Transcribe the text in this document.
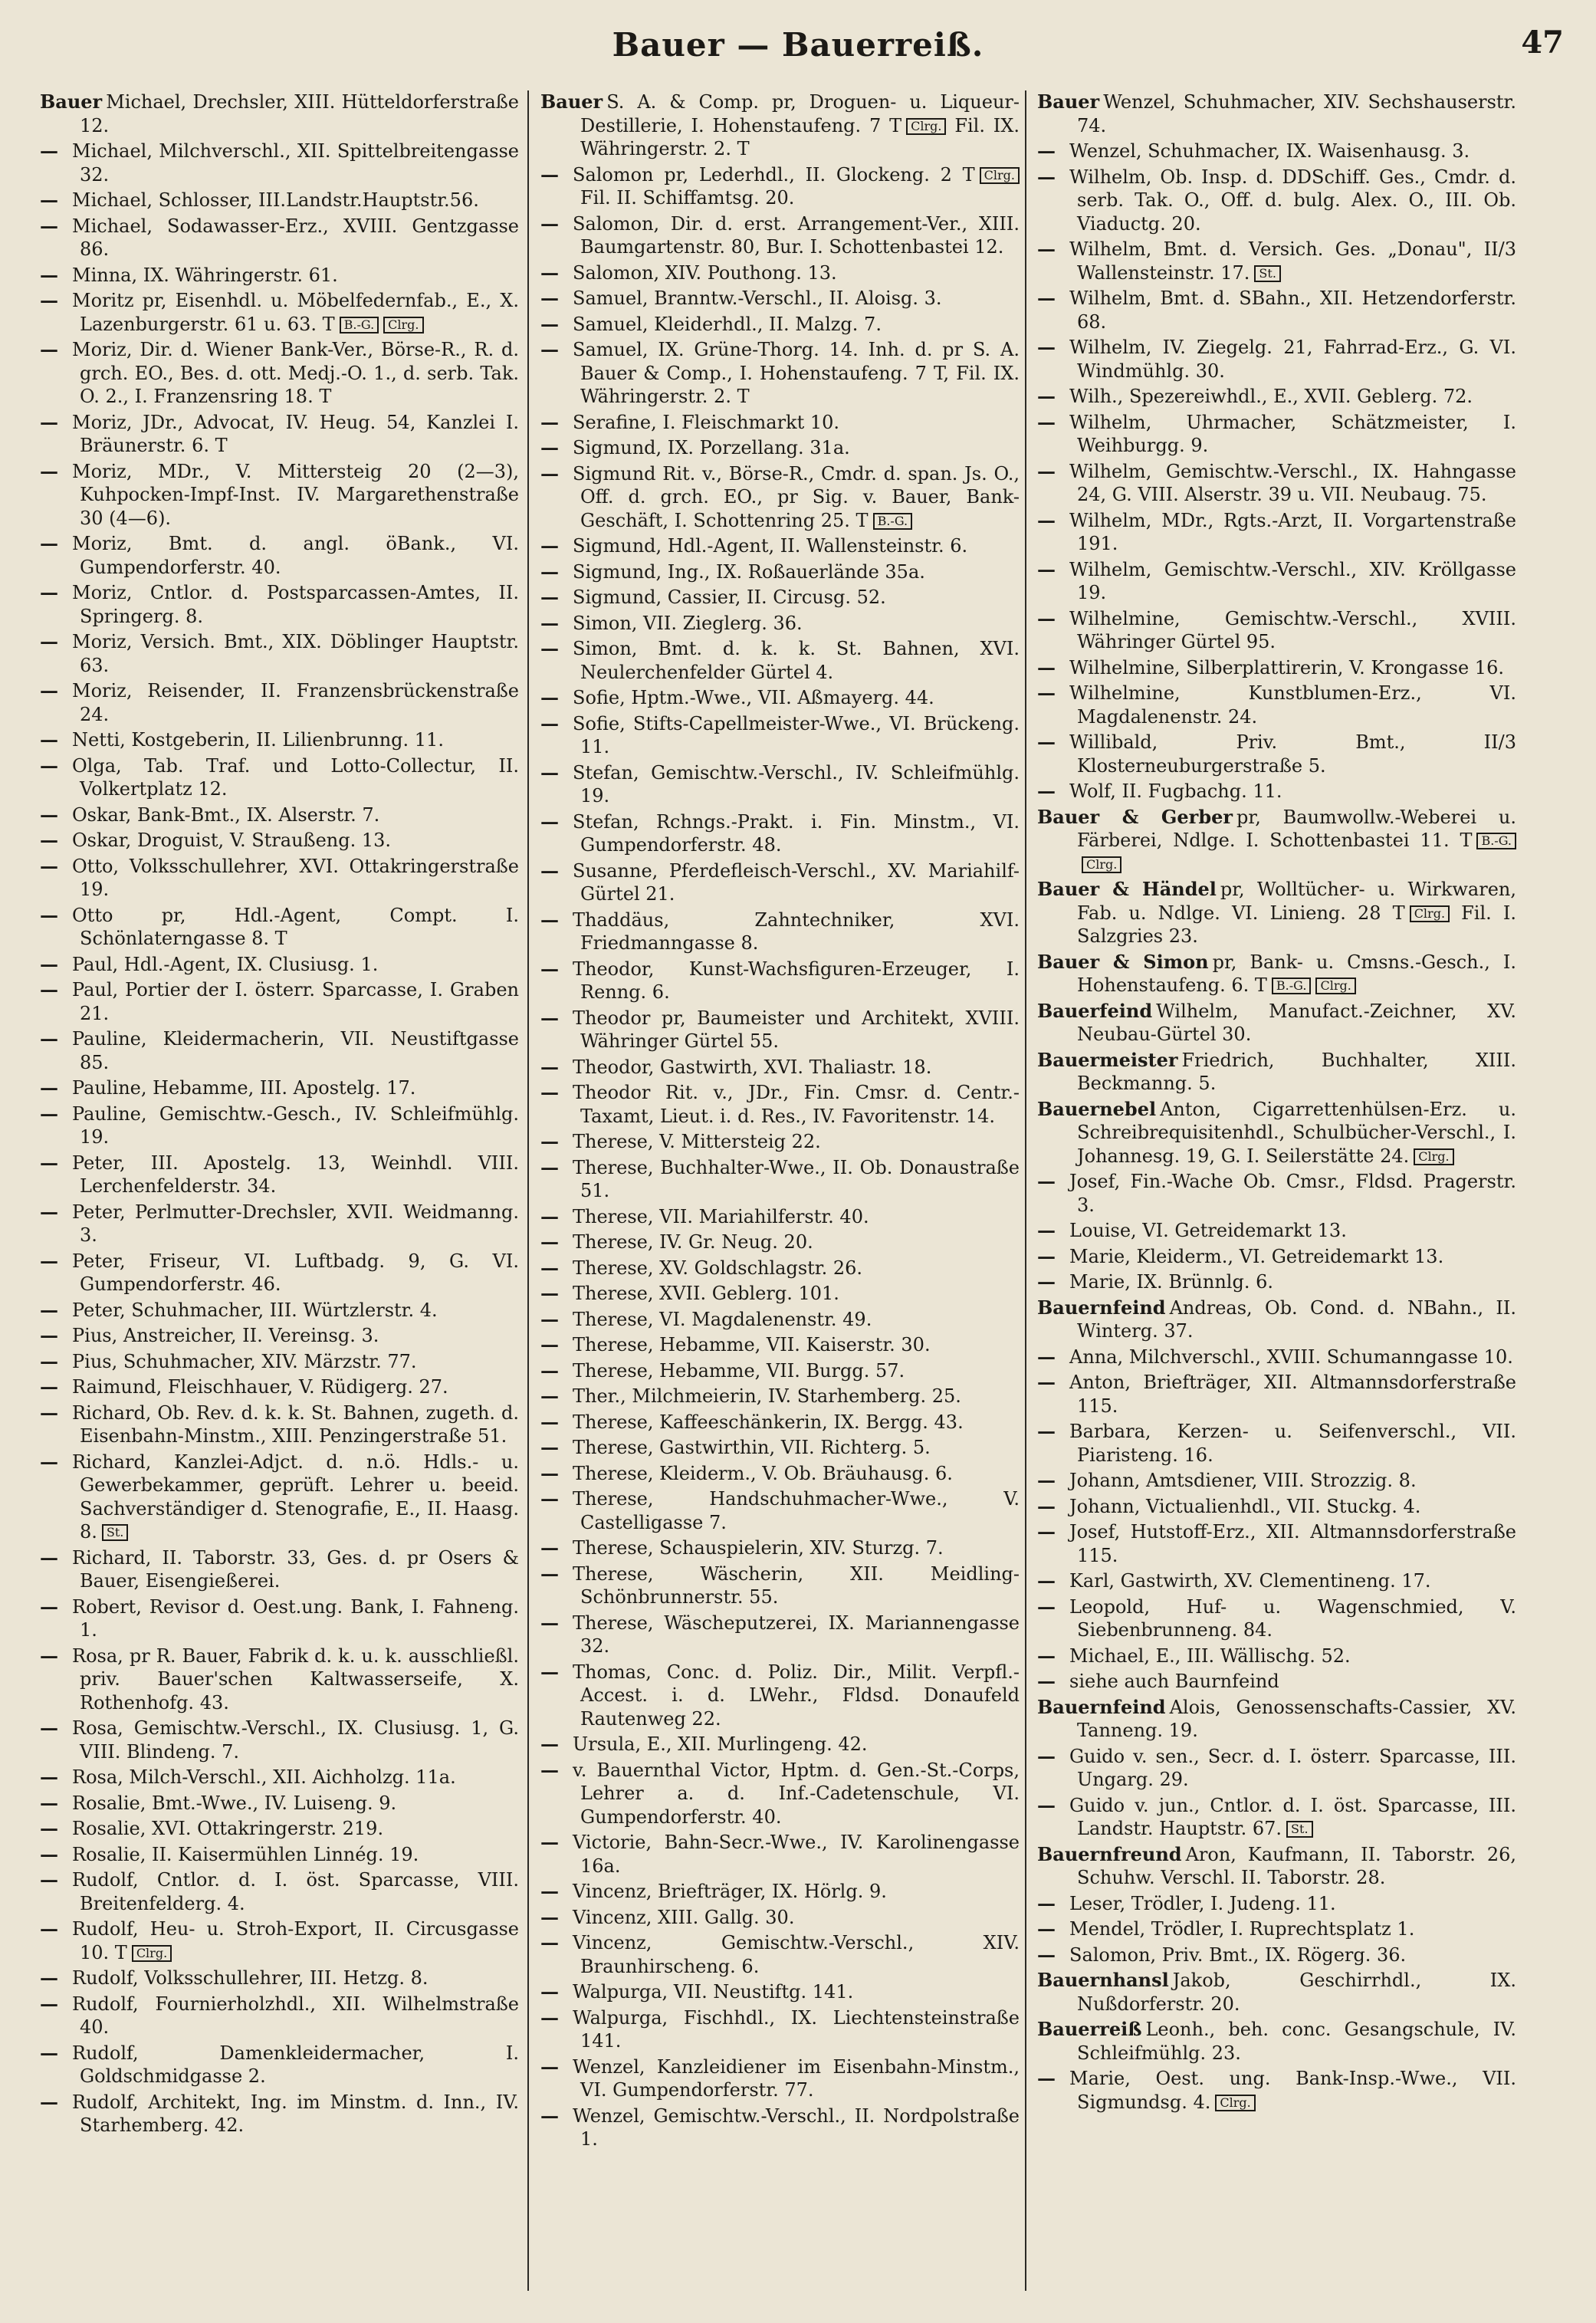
Bauer — Bauerreiß.	47
Bauer Michael, Drechsler, XIII. Hütteldorferstraße 12.
— Michael, Milchverschl., XII. Spittelbreitengasse 32.
— Michael, Schlosser, III.Landstr.Hauptstr.56.
— Michael, Sodawasser-Erz., XVIII. Gentzgasse 86.
— Minna, IX. Währingerstr. 61.
— Moritz pr, Eisenhdl. u. Möbelfedernfab., E., X. Lazenburgerstr. 61 u. 63. T B.-G. Clrg.
— Moriz, Dir. d. Wiener Bank-Ver., Börse-R., R. d. grch. EO., Bes. d. ott. Medj.-O. 1., d. serb. Tak. O. 2., I. Franzensring 18. T
— Moriz, JDr., Advocat, IV. Heug. 54, Kanzlei I. Bräunerstr. 6. T
— Moriz, MDr., V. Mittersteig 20 (2—3), Kuhpocken-Impf-Inst. IV. Margarethenstraße 30 (4—6).
— Moriz, Bmt. d. angl. öBank., VI. Gumpendorferstr. 40.
— Moriz, Cntlor. d. Postsparcassen-Amtes, II. Springerg. 8.
— Moriz, Versich. Bmt., XIX. Döblinger Hauptstr. 63.
— Moriz, Reisender, II. Franzensbrückenstraße 24.
— Netti, Kostgeberin, II. Lilienbrunng. 11.
— Olga, Tab. Traf. und Lotto-Collectur, II. Volkertplatz 12.
— Oskar, Bank-Bmt., IX. Alserstr. 7.
— Oskar, Droguist, V. Straußeng. 13.
— Otto, Volksschullehrer, XVI. Ottakringerstraße 19.
— Otto pr, Hdl.-Agent, Compt. I. Schönlaterngasse 8. T
— Paul, Hdl.-Agent, IX. Clusiusg. 1.
— Paul, Portier der I. österr. Sparcasse, I. Graben 21.
— Pauline, Kleidermacherin, VII. Neustiftgasse 85.
— Pauline, Hebamme, III. Apostelg. 17.
— Pauline, Gemischtw.-Gesch., IV. Schleifmühlg. 19.
— Peter, III. Apostelg. 13, Weinhdl. VIII. Lerchenfelderstr. 34.
— Peter, Perlmutter-Drechsler, XVII. Weidmanng. 3.
— Peter, Friseur, VI. Luftbadg. 9, G. VI. Gumpendorferstr. 46.
— Peter, Schuhmacher, III. Würtzlerstr. 4.
— Pius, Anstreicher, II. Vereinsg. 3.
— Pius, Schuhmacher, XIV. Märzstr. 77.
— Raimund, Fleischhauer, V. Rüdigerg. 27.
— Richard, Ob. Rev. d. k. k. St. Bahnen, zugeth. d. Eisenbahn-Minstm., XIII. Penzingerstraße 51.
— Richard, Kanzlei-Adjct. d. n.ö. Hdls.- u. Gewerbekammer, geprüft. Lehrer u. beeid. Sachverständiger d. Stenografie, E., II. Haasg. 8. St.
— Richard, II. Taborstr. 33, Ges. d. pr Osers & Bauer, Eisengießerei.
— Robert, Revisor d. Oest.ung. Bank, I. Fahneng. 1.
— Rosa, pr R. Bauer, Fabrik d. k. u. k. ausschließl. priv. Bauer'schen Kaltwasserseife, X. Rothenhofg. 43.
— Rosa, Gemischtw.-Verschl., IX. Clusiusg. 1, G. VIII. Blindeng. 7.
— Rosa, Milch-Verschl., XII. Aichholzg. 11a.
— Rosalie, Bmt.-Wwe., IV. Luiseng. 9.
— Rosalie, XVI. Ottakringerstr. 219.
— Rosalie, II. Kaisermühlen Linnég. 19.
— Rudolf, Cntlor. d. I. öst. Sparcasse, VIII. Breitenfelderg. 4.
— Rudolf, Heu- u. Stroh-Export, II. Circusgasse 10. T Clrg.
— Rudolf, Volksschullehrer, III. Hetzg. 8.
— Rudolf, Fournierholzhdl., XII. Wilhelmstraße 40.
— Rudolf, Damenkleidermacher, I. Goldschmidgasse 2.
— Rudolf, Architekt, Ing. im Minstm. d. Inn., IV. Starhemberg. 42.
Bauer S. A. & Comp. pr, Droguen- u. Liqueur-Destillerie, I. Hohenstaufeng. 7 T Clrg. Fil. IX. Währingerstr. 2. T
— Salomon pr, Lederhdl., II. Glockeng. 2 T Clrg. Fil. II. Schiffamtsg. 20.
— Salomon, Dir. d. erst. Arrangement-Ver., XIII. Baumgartenstr. 80, Bur. I. Schottenbastei 12.
— Salomon, XIV. Pouthong. 13.
— Samuel, Branntw.-Verschl., II. Aloisg. 3.
— Samuel, Kleiderhdl., II. Malzg. 7.
— Samuel, IX. Grüne-Thorg. 14. Inh. d. pr S. A. Bauer & Comp., I. Hohenstaufeng. 7 T, Fil. IX. Währingerstr. 2. T
— Serafine, I. Fleischmarkt 10.
— Sigmund, IX. Porzellang. 31a.
— Sigmund Rit. v., Börse-R., Cmdr. d. span. Js. O., Off. d. grch. EO., pr Sig. v. Bauer, Bank-Geschäft, I. Schottenring 25. T B.-G.
— Sigmund, Hdl.-Agent, II. Wallensteinstr. 6.
— Sigmund, Ing., IX. Roßauerlände 35a.
— Sigmund, Cassier, II. Circusg. 52.
— Simon, VII. Zieglerg. 36.
— Simon, Bmt. d. k. k. St. Bahnen, XVI. Neulerchenfelder Gürtel 4.
— Sofie, Hptm.-Wwe., VII. Aßmayerg. 44.
— Sofie, Stifts-Capellmeister-Wwe., VI. Brückeng. 11.
— Stefan, Gemischtw.-Verschl., IV. Schleifmühlg. 19.
— Stefan, Rchngs.-Prakt. i. Fin. Minstm., VI. Gumpendorferstr. 48.
— Susanne, Pferdefleisch-Verschl., XV. Mariahilf-Gürtel 21.
— Thaddäus, Zahntechniker, XVI. Friedmanngasse 8.
— Theodor, Kunst-Wachsfiguren-Erzeuger, I. Renng. 6.
— Theodor pr, Baumeister und Architekt, XVIII. Währinger Gürtel 55.
— Theodor, Gastwirth, XVI. Thaliastr. 18.
— Theodor Rit. v., JDr., Fin. Cmsr. d. Centr.-Taxamt, Lieut. i. d. Res., IV. Favoritenstr. 14.
— Therese, V. Mittersteig 22.
— Therese, Buchhalter-Wwe., II. Ob. Donaustraße 51.
— Therese, VII. Mariahilferstr. 40.
— Therese, IV. Gr. Neug. 20.
— Therese, XV. Goldschlagstr. 26.
— Therese, XVII. Geblerg. 101.
— Therese, VI. Magdalenenstr. 49.
— Therese, Hebamme, VII. Kaiserstr. 30.
— Therese, Hebamme, VII. Burgg. 57.
— Ther., Milchmeierin, IV. Starhemberg. 25.
— Therese, Kaffeeschänkerin, IX. Bergg. 43.
— Therese, Gastwirthin, VII. Richterg. 5.
— Therese, Kleiderm., V. Ob. Bräuhausg. 6.
— Therese, Handschuhmacher-Wwe., V. Castelligasse 7.
— Therese, Schauspielerin, XIV. Sturzg. 7.
— Therese, Wäscherin, XII. Meidling-Schönbrunnerstr. 55.
— Therese, Wäscheputzerei, IX. Mariannengasse 32.
— Thomas, Conc. d. Poliz. Dir., Milit. Verpfl.-Accest. i. d. LWehr., Fldsd. Donaufeld Rautenweg 22.
— Ursula, E., XII. Murlingeng. 42.
— v. Bauernthal Victor, Hptm. d. Gen.-St.-Corps, Lehrer a. d. Inf.-Cadetenschule, VI. Gumpendorferstr. 40.
— Victorie, Bahn-Secr.-Wwe., IV. Karolinengasse 16a.
— Vincenz, Briefträger, IX. Hörlg. 9.
— Vincenz, XIII. Gallg. 30.
— Vincenz, Gemischtw.-Verschl., XIV. Braunhirscheng. 6.
— Walpurga, VII. Neustiftg. 141.
— Walpurga, Fischhdl., IX. Liechtensteinstraße 141.
— Wenzel, Kanzleidiener im Eisenbahn-Minstm., VI. Gumpendorferstr. 77.
— Wenzel, Gemischtw.-Verschl., II. Nordpolstraße 1.
Bauer Wenzel, Schuhmacher, XIV. Sechshauserstr. 74.
— Wenzel, Schuhmacher, IX. Waisenhausg. 3.
— Wilhelm, Ob. Insp. d. DDSchiff. Ges., Cmdr. d. serb. Tak. O., Off. d. bulg. Alex. O., III. Ob. Viaductg. 20.
— Wilhelm, Bmt. d. Versich. Ges. „Donau", II/3 Wallensteinstr. 17. St.
— Wilhelm, Bmt. d. SBahn., XII. Hetzendorferstr. 68.
— Wilhelm, IV. Ziegelg. 21, Fahrrad-Erz., G. VI. Windmühlg. 30.
— Wilh., Spezereiwhdl., E., XVII. Geblerg. 72.
— Wilhelm, Uhrmacher, Schätzmeister, I. Weihburgg. 9.
— Wilhelm, Gemischtw.-Verschl., IX. Hahngasse 24, G. VIII. Alserstr. 39 u. VII. Neubaug. 75.
— Wilhelm, MDr., Rgts.-Arzt, II. Vorgartenstraße 191.
— Wilhelm, Gemischtw.-Verschl., XIV. Kröllgasse 19.
— Wilhelmine, Gemischtw.-Verschl., XVIII. Währinger Gürtel 95.
— Wilhelmine, Silberplattirerin, V. Krongasse 16.
— Wilhelmine, Kunstblumen-Erz., VI. Magdalenenstr. 24.
— Willibald, Priv. Bmt., II/3 Klosterneuburgerstraße 5.
— Wolf, II. Fugbachg. 11.
Bauer & Gerber pr, Baumwollw.-Weberei u. Färberei, Ndlge. I. Schottenbastei 11. T B.-G.Clrg.
Bauer & Händel pr, Wolltücher- u. Wirkwaren, Fab. u. Ndlge. VI. Linieng. 28 T Clrg. Fil. I. Salzgries 23.
Bauer & Simon pr, Bank- u. Cmsns.-Gesch., I. Hohenstaufeng. 6. T B.-G. Clrg.
Bauerfeind Wilhelm, Manufact.-Zeichner, XV. Neubau-Gürtel 30.
Bauermeister Friedrich, Buchhalter, XIII. Beckmanng. 5.
Bauernebel Anton, Cigarrettenhülsen-Erz. u. Schreibrequisitenhdl., Schulbücher-Verschl., I. Johannesg. 19, G. I. Seilerstätte 24. Clrg.
— Josef, Fin.-Wache Ob. Cmsr., Fldsd. Pragerstr. 3.
— Louise, VI. Getreidemarkt 13.
— Marie, Kleiderm., VI. Getreidemarkt 13.
— Marie, IX. Brünnlg. 6.
Bauernfeind Andreas, Ob. Cond. d. NBahn., II. Winterg. 37.
— Anna, Milchverschl., XVIII. Schumanngasse 10.
— Anton, Briefträger, XII. Altmannsdorferstraße 115.
— Barbara, Kerzen- u. Seifenverschl., VII. Piaristeng. 16.
— Johann, Amtsdiener, VIII. Strozzig. 8.
— Johann, Victualienhdl., VII. Stuckg. 4.
— Josef, Hutstoff-Erz., XII. Altmannsdorferstraße 115.
— Karl, Gastwirth, XV. Clementineng. 17.
— Leopold, Huf- u. Wagenschmied, V. Siebenbrunneng. 84.
— Michael, E., III. Wällischg. 52.
— siehe auch Baurnfeind
Bauernfeind Alois, Genossenschafts-Cassier, XV. Tanneng. 19.
— Guido v. sen., Secr. d. I. österr. Sparcasse, III. Ungarg. 29.
— Guido v. jun., Cntlor. d. I. öst. Sparcasse, III. Landstr. Hauptstr. 67. St.
Bauernfreund Aron, Kaufmann, II. Taborstr. 26, Schuhw. Verschl. II. Taborstr. 28.
— Leser, Trödler, I. Judeng. 11.
— Mendel, Trödler, I. Ruprechtsplatz 1.
— Salomon, Priv. Bmt., IX. Rögerg. 36.
Bauernhansl Jakob, Geschirrhdl., IX. Nußdorferstr. 20.
Bauerreiß Leonh., beh. conc. Gesangschule, IV. Schleifmühlg. 23.
— Marie, Oest. ung. Bank-Insp.-Wwe., VII. Sigmundsg. 4. Clrg.
